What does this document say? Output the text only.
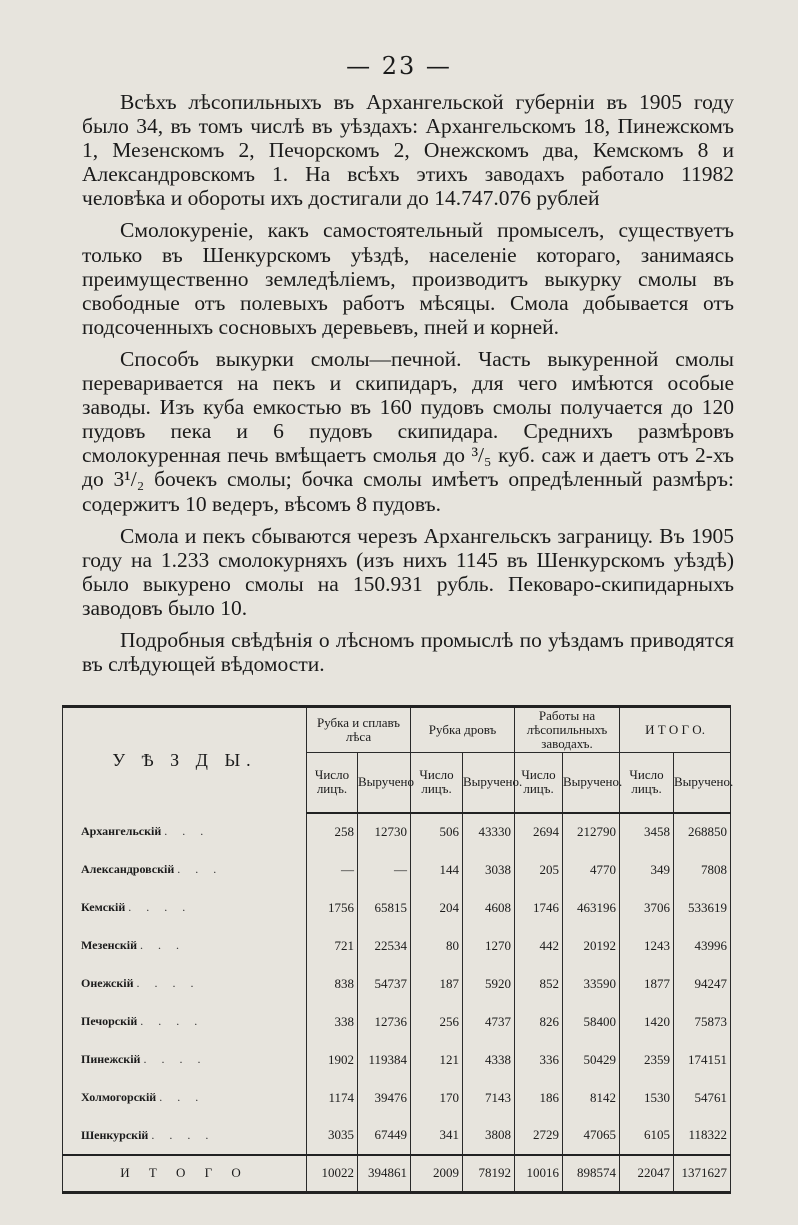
— 23 —

Всѣхъ лѣсопильныхъ въ Архангельской губерніи въ 1905 году было 34, въ томъ числѣ въ уѣздахъ: Архангельскомъ 18, Пинежскомъ 1, Мезенскомъ 2, Печорскомъ 2, Онежскомъ два, Кемскомъ 8 и Александровскомъ 1. На всѣхъ этихъ заводахъ работало 11982 человѣка и обороты ихъ достигали до 14.747.076 рублей

Смолокуреніе, какъ самостоятельный промыселъ, существуетъ только въ Шенкурскомъ уѣздѣ, населеніе котораго, занимаясь преимущественно земледѣліемъ, производитъ выкурку смолы въ свободные отъ полевыхъ работъ мѣсяцы. Смола добывается отъ подсоченныхъ сосновыхъ деревьевъ, пней и корней.

Способъ выкурки смолы—печной. Часть выкуренной смолы переваривается на пекъ и скипидаръ, для чего имѣются особые заводы. Изъ куба емкостью въ 160 пудовъ смолы получается до 120 пудовъ пека и 6 пудовъ скипидара. Среднихъ размѣровъ смолокуренная печь вмѣщаетъ смолья до ³/₅ куб. саж и даетъ отъ 2-хъ до 3¹/₂ бочекъ смолы; бочка смолы имѣетъ опредѣленный размѣръ: содержитъ 10 ведеръ, вѣсомъ 8 пудовъ.

Смола и пекъ сбываются черезъ Архангельскъ заграницу. Въ 1905 году на 1.233 смолокурняхъ (изъ нихъ 1145 въ Шенкурскомъ уѣздѣ) было выкурено смолы на 150.931 рубль. Пековаро-скипидарныхъ заводовъ было 10.

Подробныя свѣдѣнія о лѣсномъ промыслѣ по уѣздамъ приводятся въ слѣдующей вѣдомости.

У Ѣ З Д Ы.	Рубка и сплавъ лѣса		Рубка дровъ		Работы на лѣсопильныхъ заводахъ.		И Т О Г О.	
	Число лицъ.	Выручено	Число лицъ.	Выручено.	Число лицъ.	Выручено.	Число лицъ.	Выручено.
Архангельскій . . .	258	12730	506	43330	2694	212790	3458	268850
Александровскій . . .	—	—	144	3038	205	4770	349	7808
Кемскій . . . .	1756	65815	204	4608	1746	463196	3706	533619
Мезенскій . . .	721	22534	80	1270	442	20192	1243	43996
Онежскій . . . .	838	54737	187	5920	852	33590	1877	94247
Печорскій . . . .	338	12736	256	4737	826	58400	1420	75873
Пинежскій . . . .	1902	119384	121	4338	336	50429	2359	174151
Холмогорскій . . .	1174	39476	170	7143	186	8142	1530	54761
Шенкурскій . . . .	3035	67449	341	3808	2729	47065	6105	118322
И Т О Г О	10022	394861	2009	78192	10016	898574	22047	1371627
